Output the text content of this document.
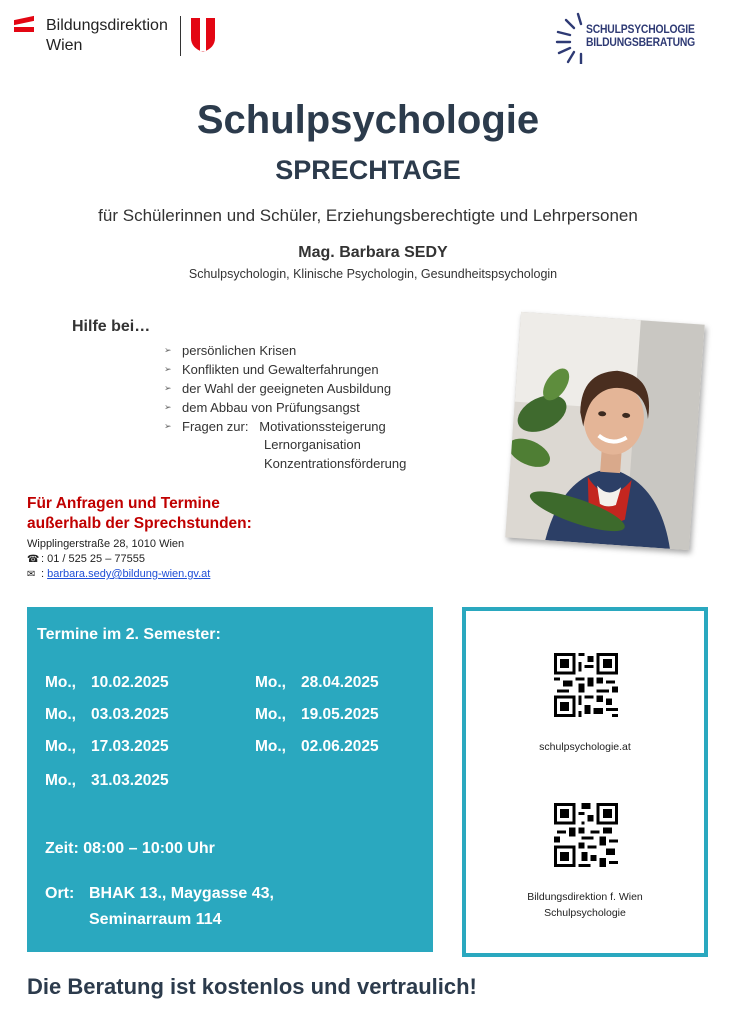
Bildungsdirektion
Wien
SCHULPSYCHOLOGIE
BILDUNGSBERATUNG
Schulpsychologie
SPRECHTAGE
für Schülerinnen und Schüler, Erziehungsberechtigte und Lehrpersonen
Mag. Barbara SEDY
Schulpsychologin, Klinische Psychologin, Gesundheitspsychologin
Hilfe bei…
➢ persönlichen Krisen
➢ Konflikten und Gewalterfahrungen
➢ der Wahl der geeigneten Ausbildung
➢ dem Abbau von Prüfungsangst
➢ Fragen zur:   Motivationssteigerung
Lernorganisation
Konzentrationsförderung
Für Anfragen und Termine
außerhalb der Sprechstunden:
Wipplingerstraße 28, 1010 Wien
☎ : 01 / 525 25 – 77555
✉ : barbara.sedy@bildung-wien.gv.at
Termine im 2. Semester:
Mo., 10.02.2025
Mo., 03.03.2025
Mo., 17.03.2025
Mo., 31.03.2025
Mo., 28.04.2025
Mo., 19.05.2025
Mo., 02.06.2025
Zeit: 08:00 – 10:00 Uhr
Ort: BHAK 13., Maygasse 43,
Seminarraum 114
schulpsychologie.at
Bildungsdirektion f. Wien
Schulpsychologie
Die Beratung ist kostenlos und vertraulich!
